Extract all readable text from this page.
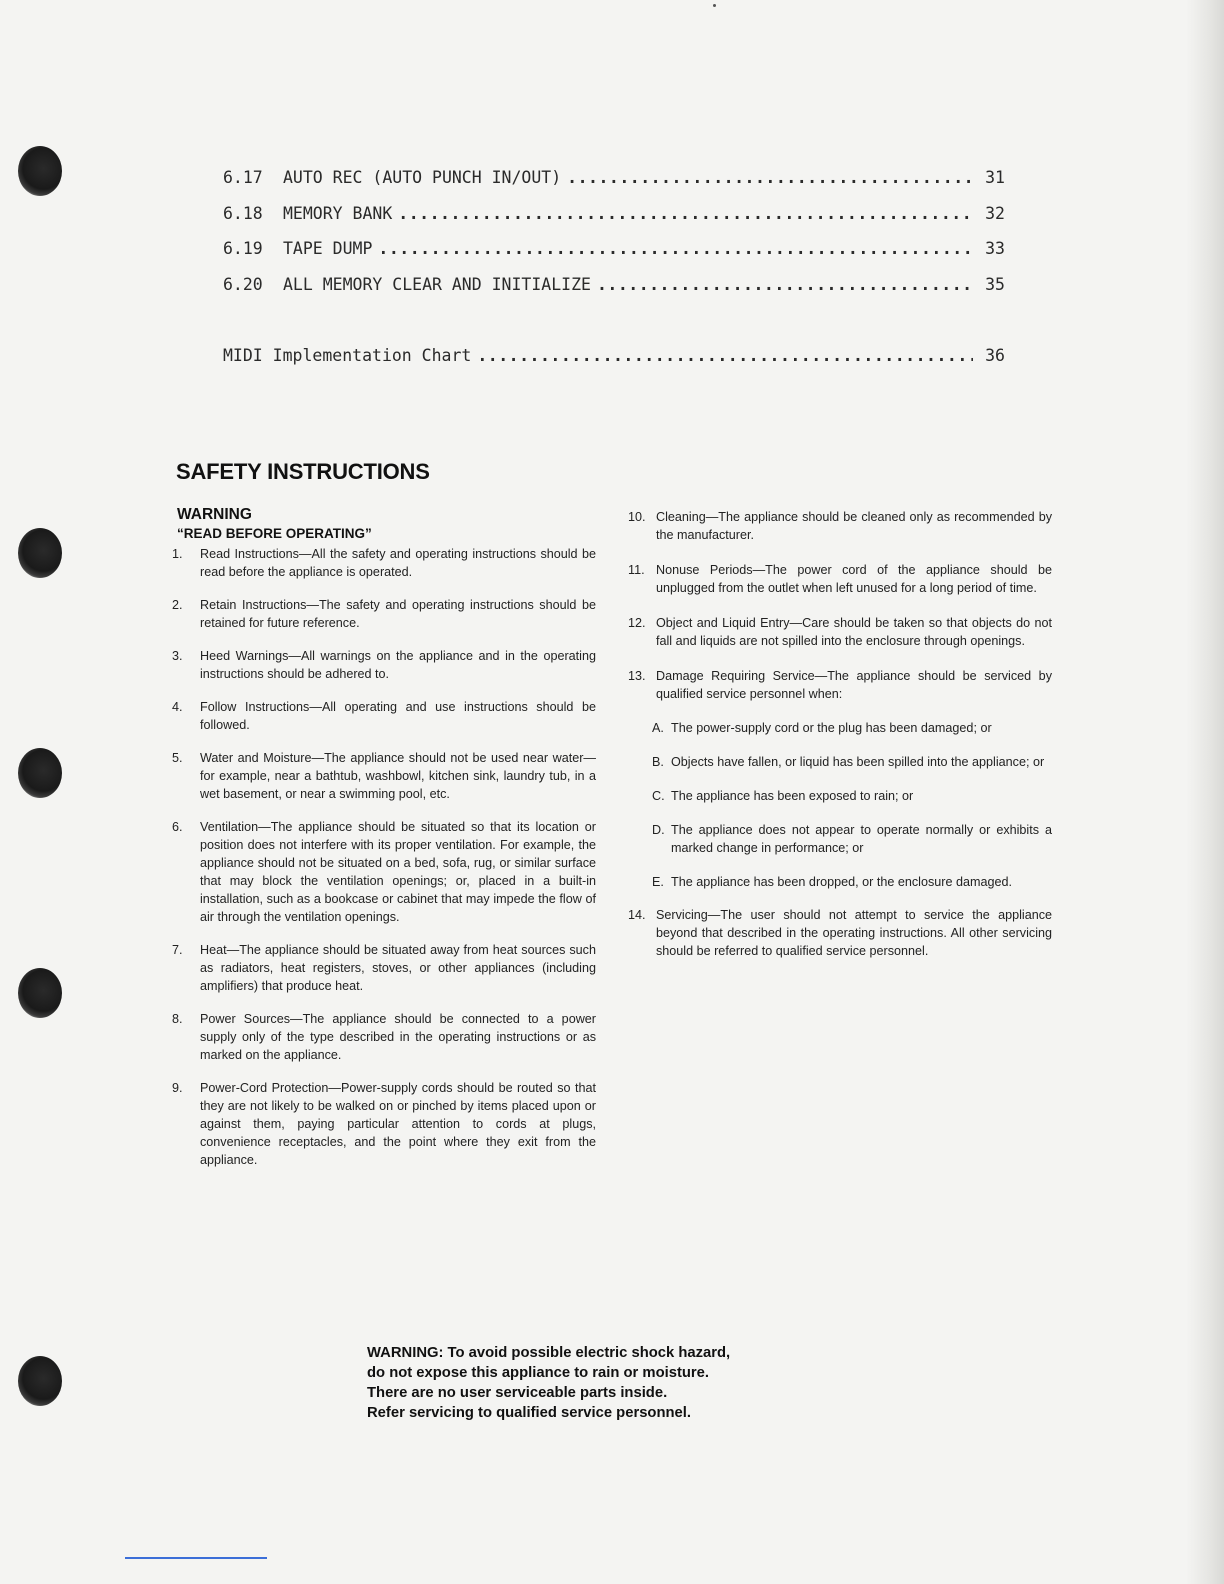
6.17	AUTO REC (AUTO PUNCH IN/OUT) .....	31
6.18	MEMORY BANK .....	32
6.19	TAPE DUMP .....	33
6.20	ALL MEMORY CLEAR AND INITIALIZE .....	35
MIDI Implementation Chart .....	36
SAFETY INSTRUCTIONS
WARNING
“READ BEFORE OPERATING”
1.	Read Instructions—All the safety and operating instructions should be read before the appliance is operated.
2.	Retain Instructions—The safety and operating instructions should be retained for future reference.
3.	Heed Warnings—All warnings on the appliance and in the operating instructions should be adhered to.
4.	Follow Instructions—All operating and use instructions should be followed.
5.	Water and Moisture—The appliance should not be used near water—for example, near a bathtub, washbowl, kitchen sink, laundry tub, in a wet basement, or near a swimming pool, etc.
6.	Ventilation—The appliance should be situated so that its location or position does not interfere with its proper ventilation. For example, the appliance should not be situated on a bed, sofa, rug, or similar surface that may block the ventilation openings; or, placed in a built-in installation, such as a bookcase or cabinet that may impede the flow of air through the ventilation openings.
7.	Heat—The appliance should be situated away from heat sources such as radiators, heat registers, stoves, or other appliances (including amplifiers) that produce heat.
8.	Power Sources—The appliance should be connected to a power supply only of the type described in the operating instructions or as marked on the appliance.
9.	Power-Cord Protection—Power-supply cords should be routed so that they are not likely to be walked on or pinched by items placed upon or against them, paying particular attention to cords at plugs, convenience receptacles, and the point where they exit from the appliance.
10. Cleaning—The appliance should be cleaned only as recommended by the manufacturer.
11. Nonuse Periods—The power cord of the appliance should be unplugged from the outlet when left unused for a long period of time.
12. Object and Liquid Entry—Care should be taken so that objects do not fall and liquids are not spilled into the enclosure through openings.
13. Damage Requiring Service—The appliance should be serviced by qualified service personnel when:
A. The power-supply cord or the plug has been damaged; or
B. Objects have fallen, or liquid has been spilled into the appliance; or
C. The appliance has been exposed to rain; or
D. The appliance does not appear to operate normally or exhibits a marked change in performance; or
E. The appliance has been dropped, or the enclosure damaged.
14. Servicing—The user should not attempt to service the appliance beyond that described in the operating instructions. All other servicing should be referred to qualified service personnel.
WARNING: To avoid possible electric shock hazard,
do not expose this appliance to rain or moisture.
There are no user serviceable parts inside.
Refer servicing to qualified service personnel.
